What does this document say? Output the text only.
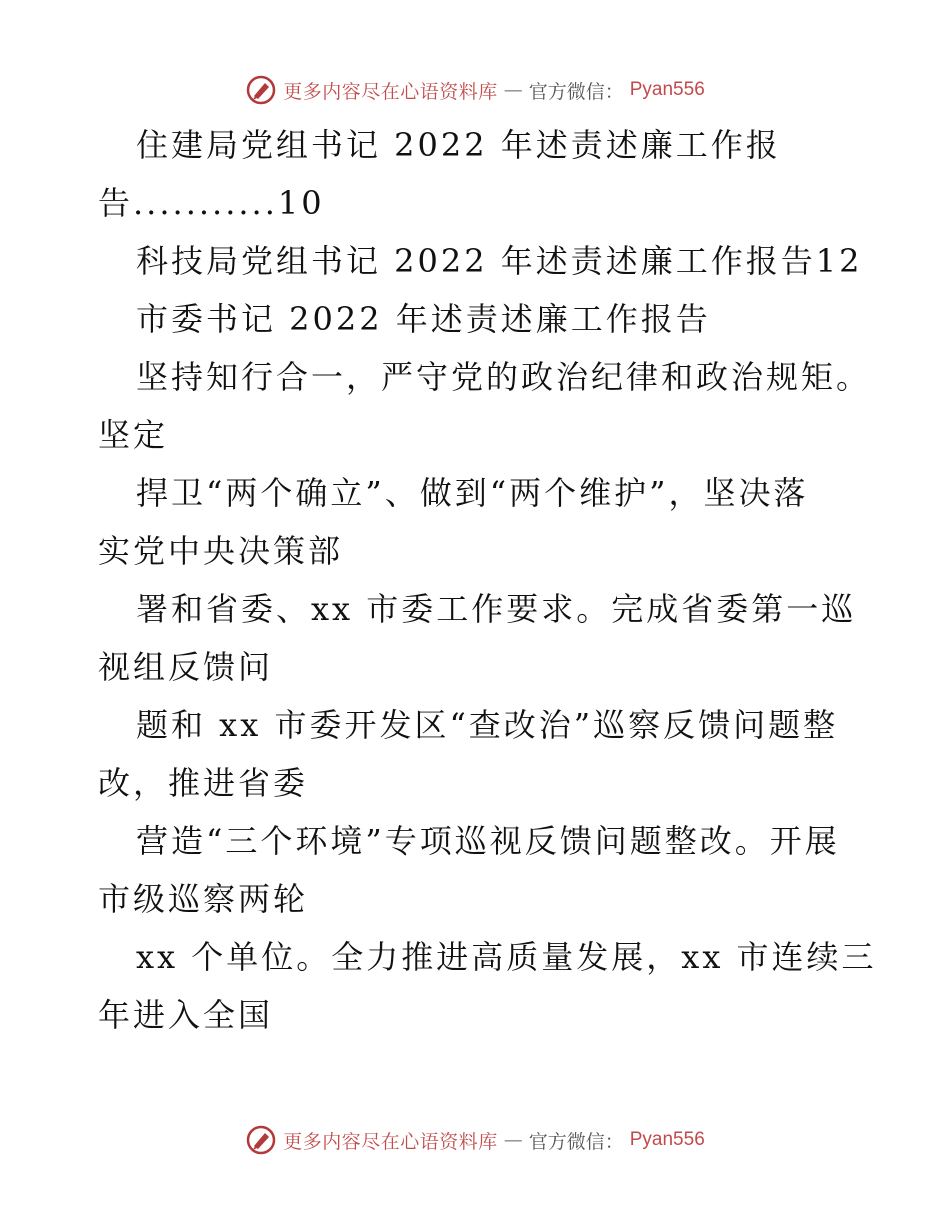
更多内容尽在心语资料库 — 官方微信： Pyan556
住建局党组书记 2022 年述责述廉工作报
告...........10
科技局党组书记 2022 年述责述廉工作报告12
市委书记 2022 年述责述廉工作报告
坚持知行合一，严守党的政治纪律和政治规矩。
坚定
捍卫“两个确立”、做到“两个维护”，坚决落
实党中央决策部
署和省委、xx 市委工作要求。完成省委第一巡
视组反馈问
题和 xx 市委开发区“查改治”巡察反馈问题整
改，推进省委
营造“三个环境”专项巡视反馈问题整改。开展
市级巡察两轮
xx 个单位。全力推进高质量发展，xx 市连续三
年进入全国
更多内容尽在心语资料库 — 官方微信： Pyan556
